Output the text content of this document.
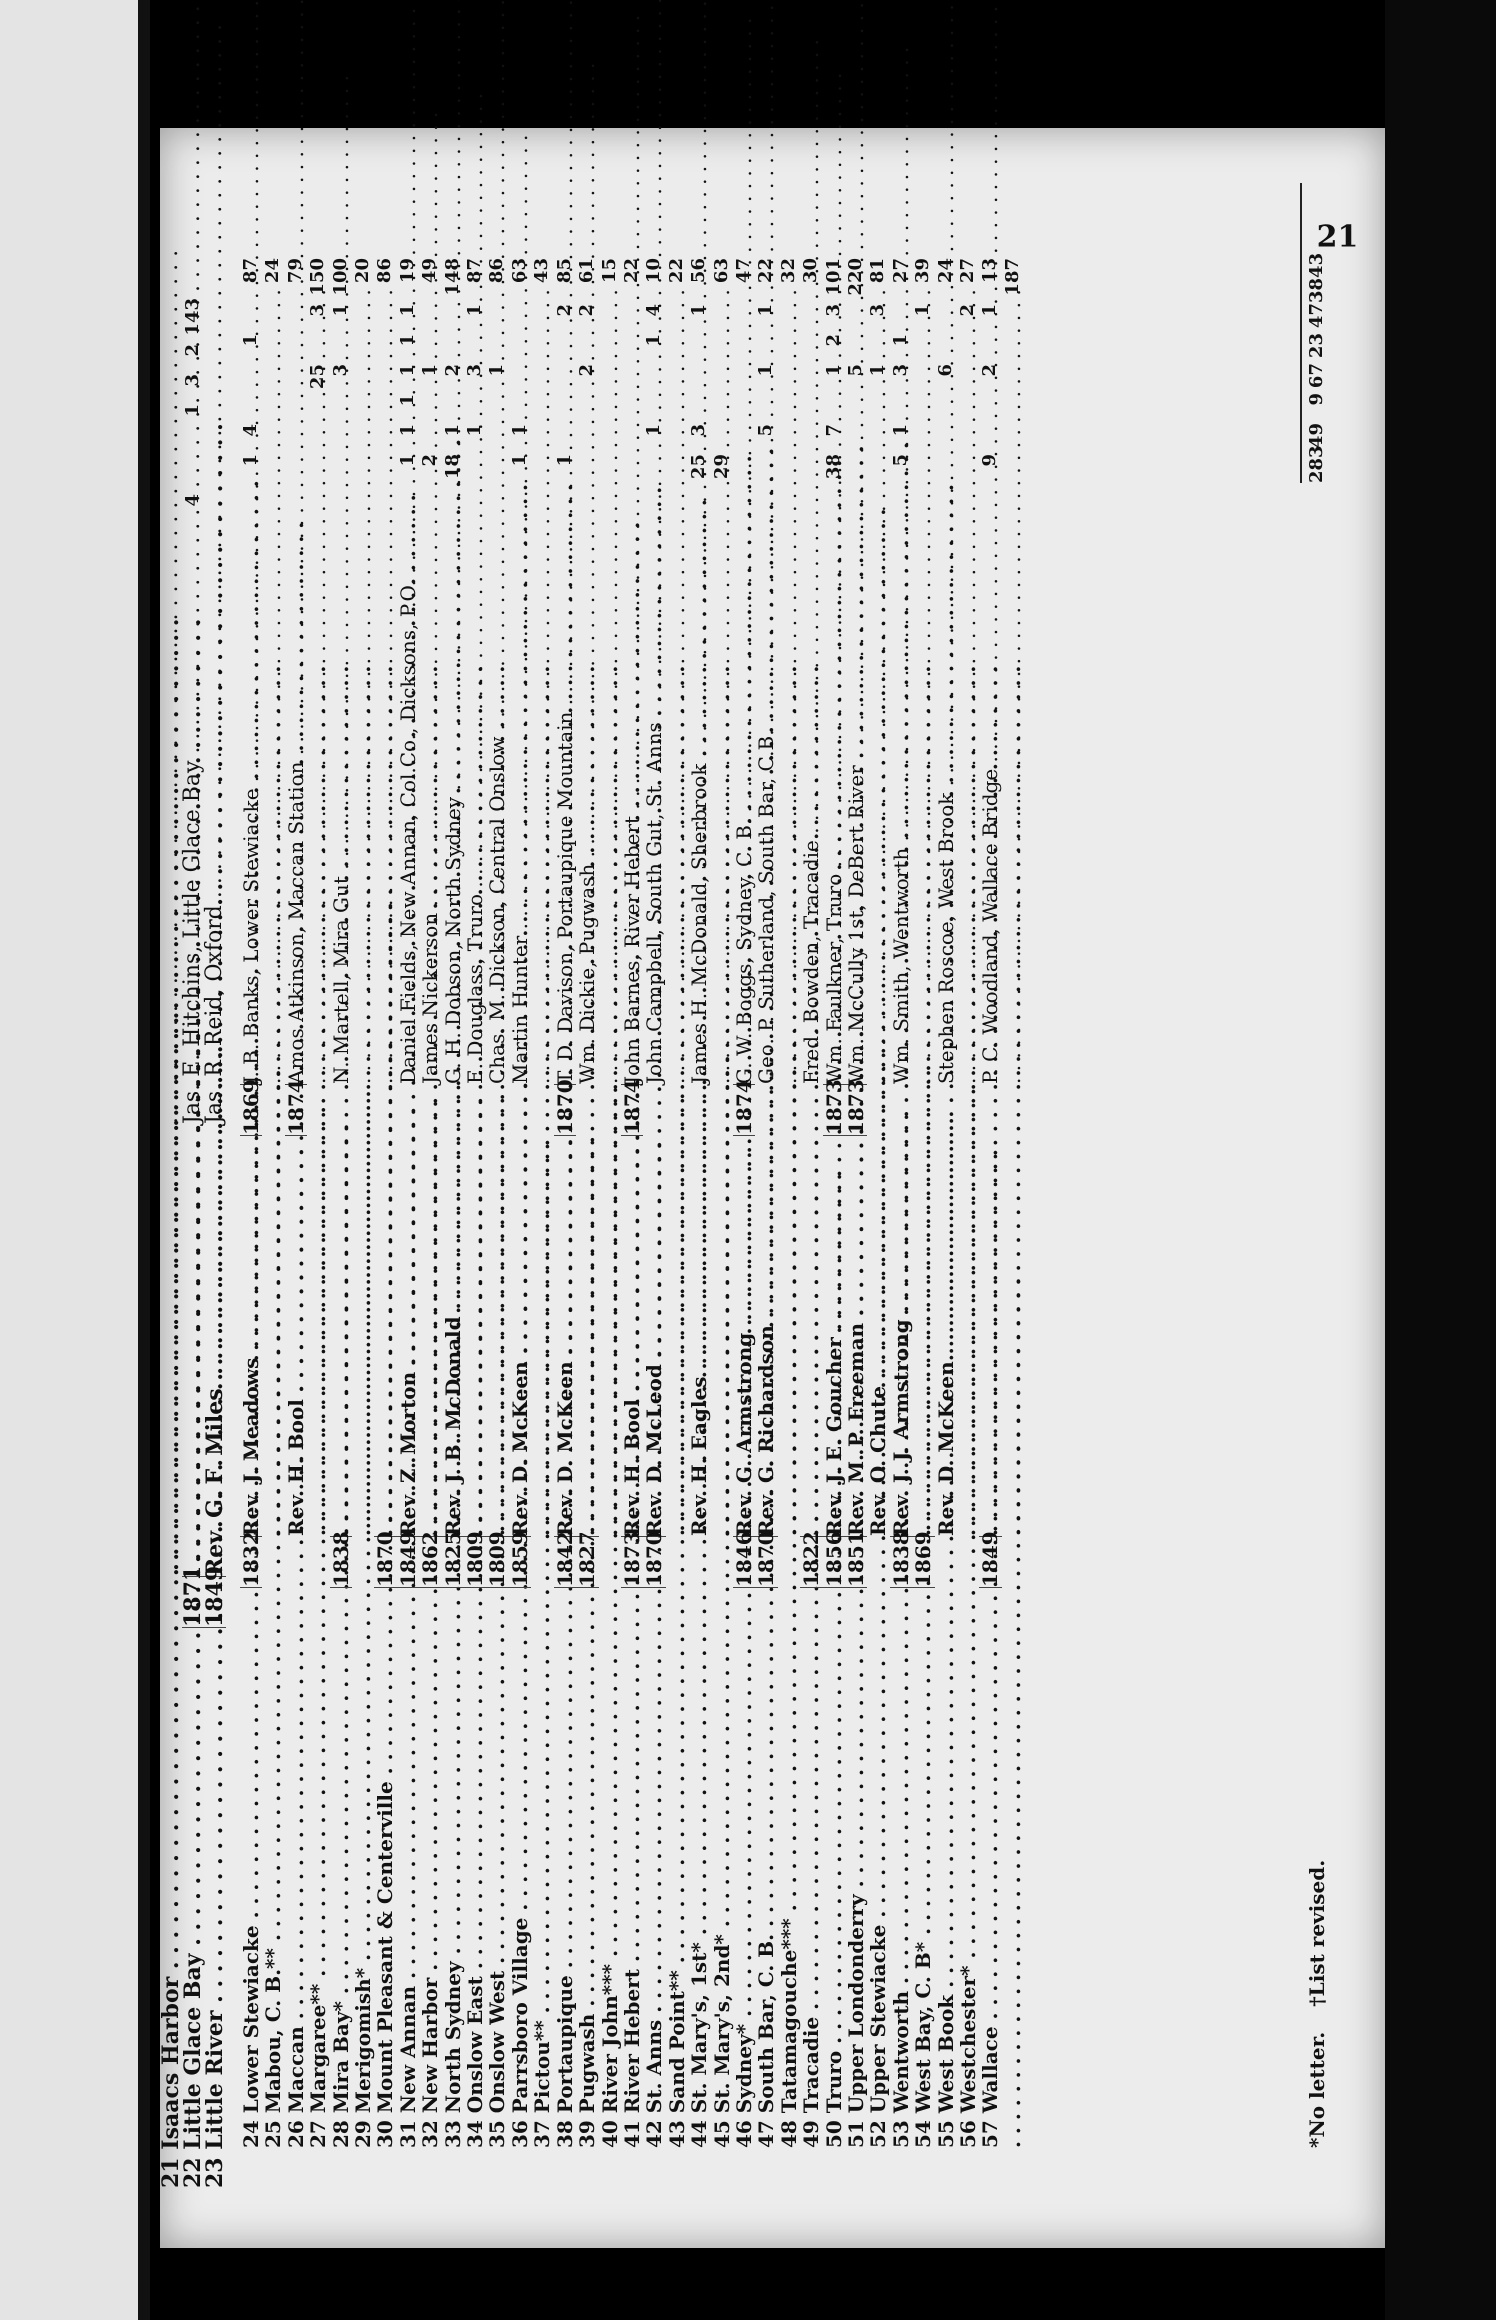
21 Isaacs Harbor . . .
. . .
. . .
22 Little Glace Bay . . .
1871
. . .
Jas. E. Hitchins, Little Glace Bay . . .
4
1
3
2
143
23 Little River . . .
1849
Rev. G. F. Miles . . .
Jas. R. Reid, Oxford . . .
24 Lower Stewiacke . . .
1832
Rev. J. Meadows . . .
1869
J. B. Banks, Lower Stewiacke . . .
1
4
1
87
25 Mabou, C. B.** . . .
. . .
. . .
24
26 Maccan . . .
Rev. H. Bool . . .
1874
Amos Atkinson, Maccan Station . . .
79
27 Margaree** . . .
. . .
. . .
25
3
150
28 Mira Bay* . . .
1838
. . .
N. Martell, Mira Gut . . .
3
1
100
29 Merigomish* . . .
. . .
. . .
20
30 Mount Pleasant & Centerville . . .
1870
. . .
. . .
86
31 New Annan . . .
1849
Rev. Z. Morton . . .
Daniel Fields, New Annan, Col.Co., Dicksons, P.O. . . .
1
1
1
1
1
1
19
32 New Harbor . . .
1862
. . .
James Nickerson . . .
2
1
49
33 North Sydney . . .
1825
Rev. J. B. McDonald . . .
G. H. Dobson, North Sydney . . .
18
1
2
148
34 Onslow East . . .
1809
. . .
E. Douglass, Truro . . .
1
3
1
87
35 Onslow West . . .
1809
. . .
Chas. M. Dickson, Central Onslow . . .
1
86
36 Parrsboro Village . . .
1859
Rev. D. McKeen . . .
Martin Hunter . . .
1
1
63
37 Pictou** . . .
. . .
. . .
43
38 Portaupique . . .
1842
Rev. D. McKeen . . .
1870
T. D. Davison, Portaupique Mountain . . .
1
2
85
39 Pugwash . . .
1827
. . .
Wm. Dickie, Pugwash . . .
2
2
61
40 River John*** . . .
. . .
. . .
15
41 River Hebert . . .
1873
Rev. H. Bool . . .
1874
John Barnes, River Hebert . . .
22
42 St. Anns . . .
1870
Rev. D. McLeod . . .
John Campbell, South Gut, St. Anns . . .
1
1
4
10
43 Sand Point** . . .
. . .
. . .
22
44 St. Mary's, 1st* . . .
Rev. H. Eagles . . .
James H. McDonald, Sherbrook . . .
25
3
1
56
45 St. Mary's, 2nd* . . .
. . .
. . .
29
63
46 Sydney* . . .
1846
Rev. G. Armstrong . . .
1874
G. W. Boggs, Sydney, C. B. . . .
47
47 South Bar, C. B. . . .
1870
Rev. G. Richardson . . .
Geo. P. Sutherland, South Bar, C.B. . . .
5
1
1
22
48 Tatamagouche*** . . .
. . .
. . .
32
49 Tracadie . . .
1822
. . .
Fred. Bowden, Tracadie . . .
30
50 Truro . . .
1856
Rev. J. E. Goucher . . .
1873
Wm. Faulkner, Truro . . .
38
7
1
2
3
101
51 Upper Londonderry . . .
1851
Rev. M. P. Freeman . . .
1873
Wm. McCully 1st, DeBert River . . .
5
220
52 Upper Stewiacke . . .
Rev. O. Chute . . .
. . .
1
3
81
53 Wentworth . . .
1838
Rev. J. J. Armstrong . . .
Wm. Smith, Wentworth . . .
5
1
3
1
27
54 West Bay, C. B* . . .
1869
. . .
. . .
1
39
55 West Book . . .
Rev. D. McKeen . . .
Stephen Roscoe, West Brook . . .
6
24
56 Westchester* . . .
. . .
. . .
2
27
57 Wallace . . .
1849
. . .
P. C. Woodland, Wallace Bridge . . .
9
2
1
13
. . .
. . .
. . . 187
283
49
9
67
23
47
3843
*No letter. †List revised.
21
